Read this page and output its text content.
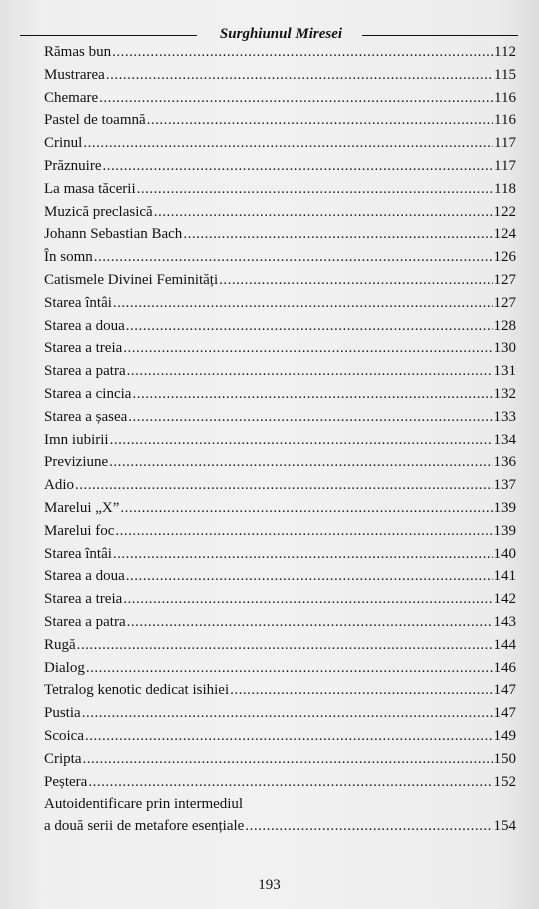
Surghiunul Miresei
Rămas bun .....	112
Mustrarea .....	115
Chemare .....	116
Pastel de toamnă .....	116
Crinul .....	117
Prăznuire .....	117
La masa tăcerii .....	118
Muzică preclasică .....	122
Johann Sebastian Bach .....	124
În somn .....	126
Catismele Divinei Feminități .....	127
Starea întâi .....	127
Starea a doua .....	128
Starea a treia .....	130
Starea a patra .....	131
Starea a cincia .....	132
Starea a șasea .....	133
Imn iubirii .....	134
Previziune .....	136
Adio .....	137
Marelui „X” .....	139
Marelui foc .....	139
Starea întâi .....	140
Starea a doua .....	141
Starea a treia .....	142
Starea a patra .....	143
Rugă .....	144
Dialog .....	146
Tetralog kenotic dedicat isihiei .....	147
Pustia .....	147
Scoica .....	149
Cripta .....	150
Peștera .....	152
Autoidentificare prin intermediul
a două serii de metafore esențiale .....	154
193
